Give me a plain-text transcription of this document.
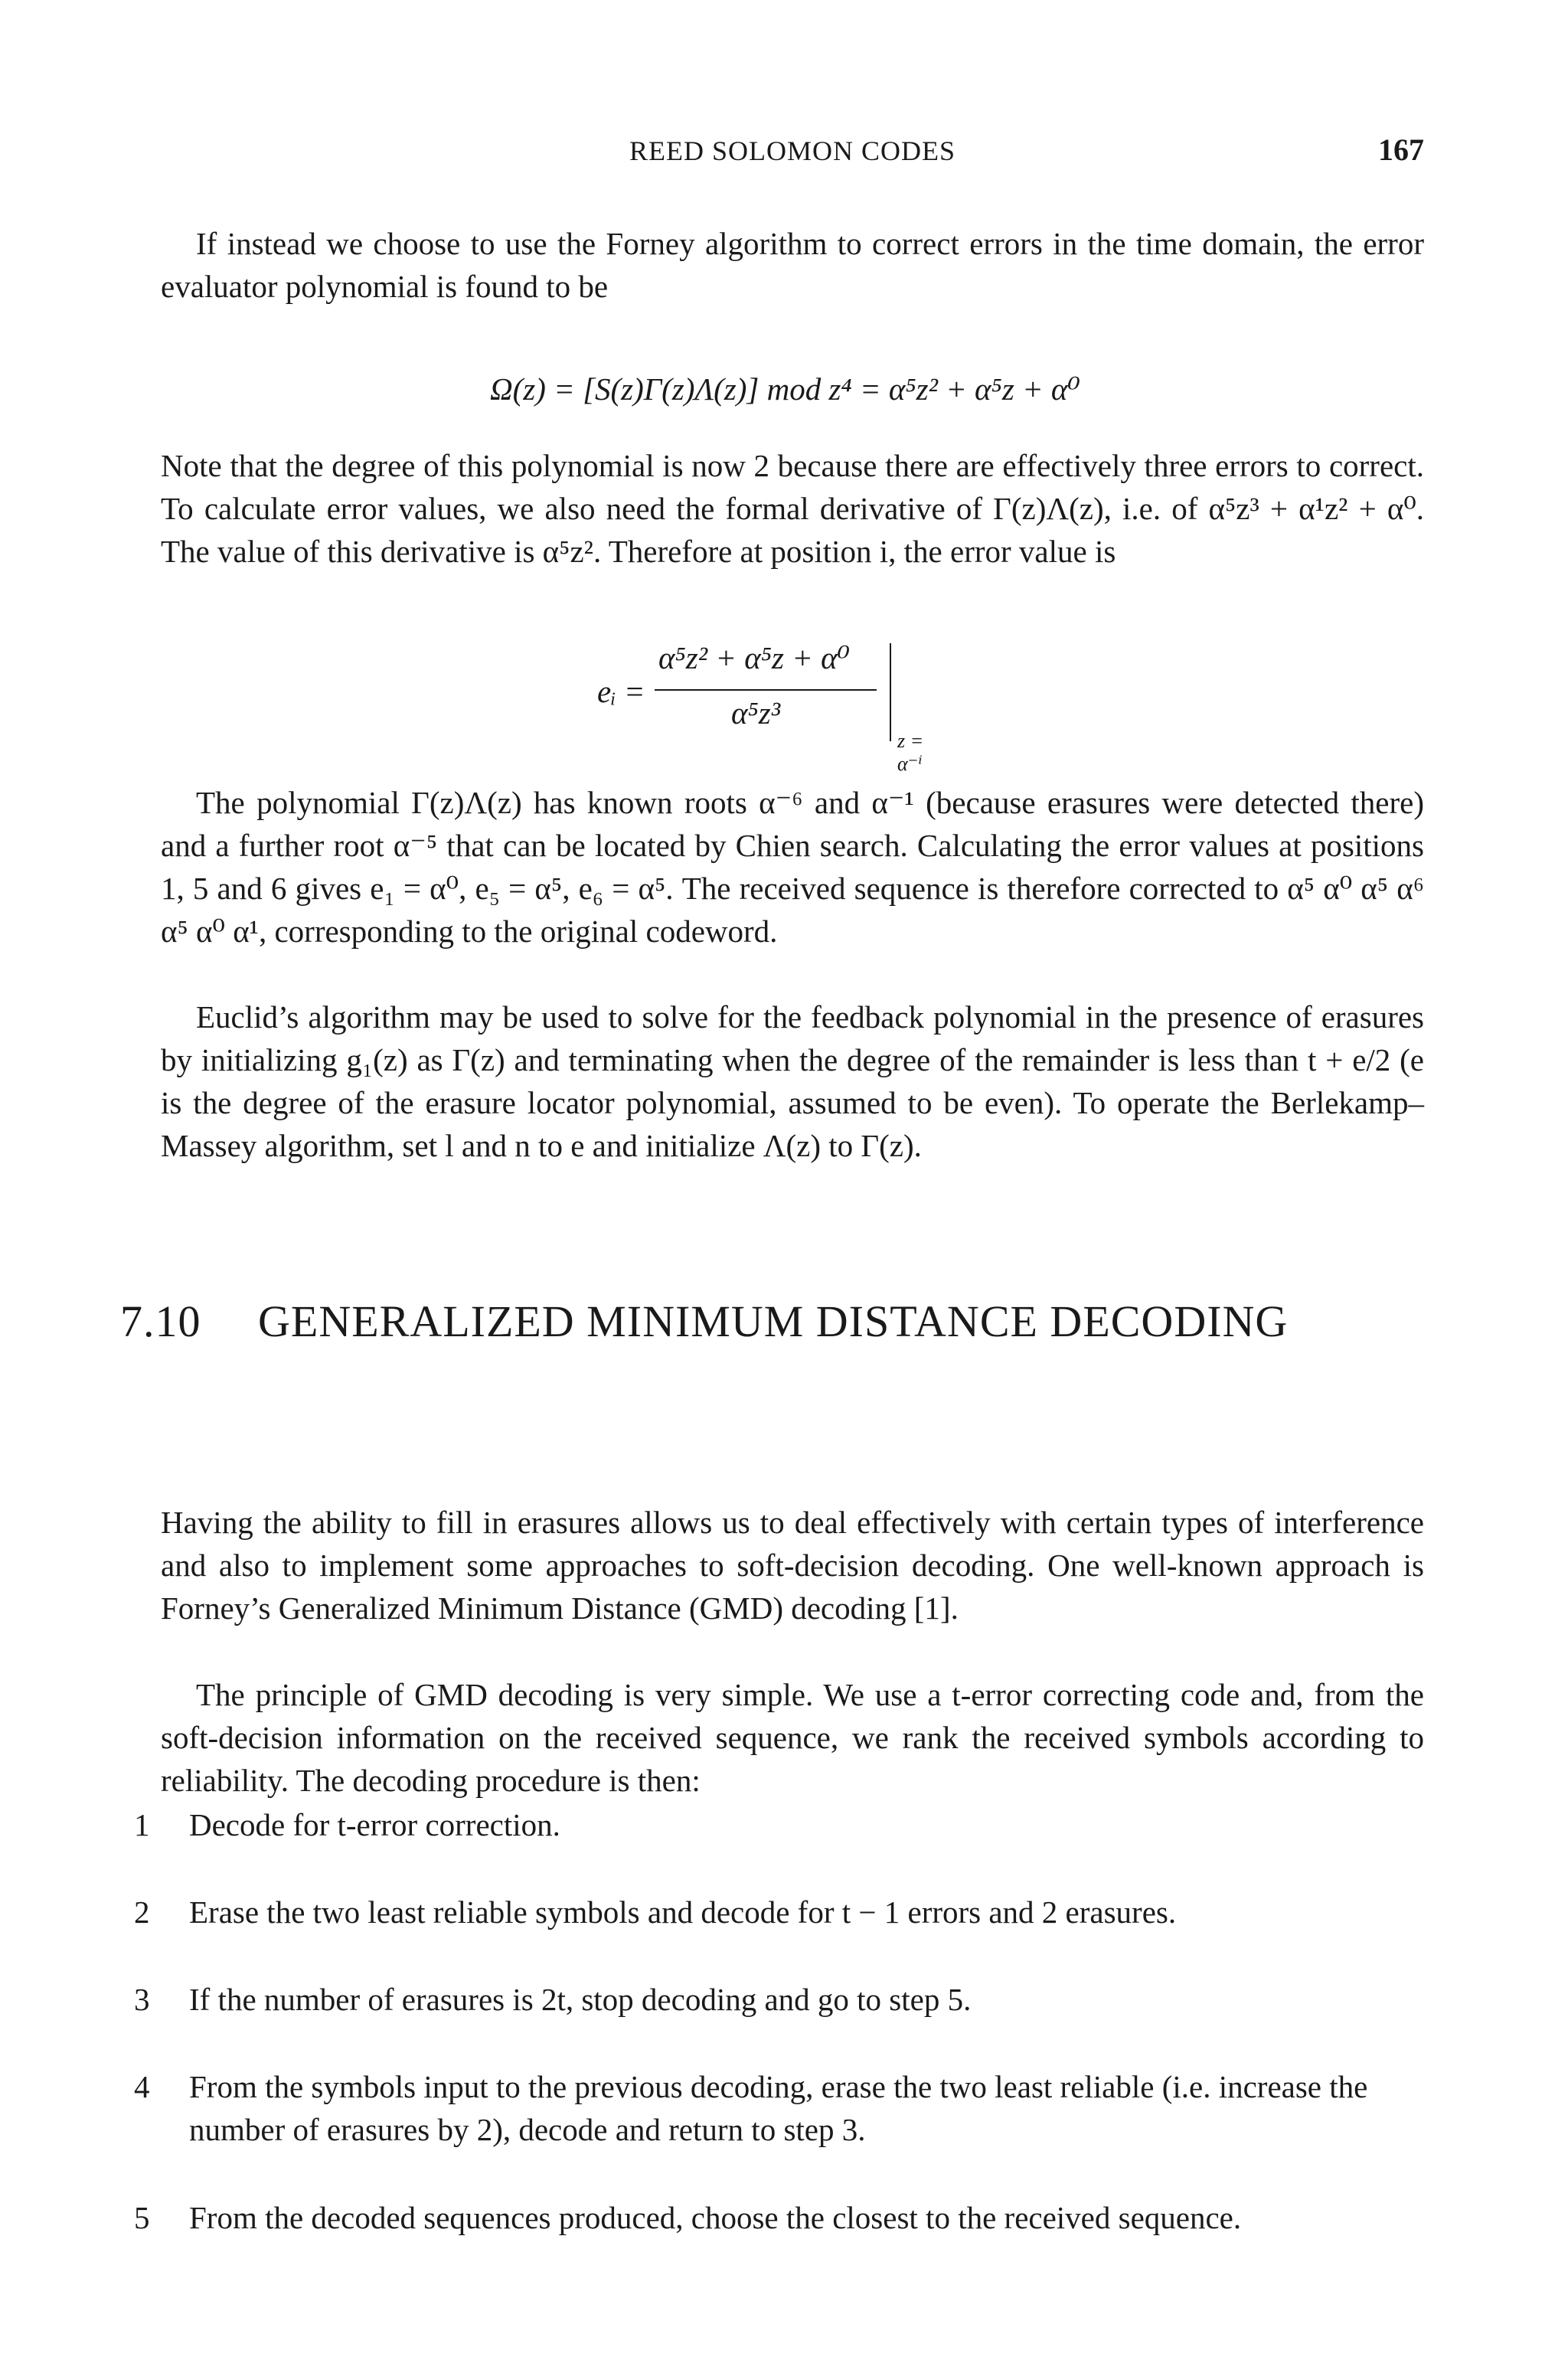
REED SOLOMON CODES	167

If instead we choose to use the Forney algorithm to correct errors in the time domain, the error evaluator polynomial is found to be

Ω(z) = [S(z)Γ(z)Λ(z)] mod z⁴ = α⁵z² + α⁵z + α⁰

Note that the degree of this polynomial is now 2 because there are effectively three errors to correct. To calculate error values, we also need the formal derivative of Γ(z)Λ(z), i.e. of α⁵z³ + α¹z² + α⁰. The value of this derivative is α⁵z². Therefore at position i, the error value is

eᵢ =
α⁵z² + α⁵z + α⁰
α⁵z³
z = α⁻ⁱ

The polynomial Γ(z)Λ(z) has known roots α⁻⁶ and α⁻¹ (because erasures were detected there) and a further root α⁻⁵ that can be located by Chien search. Calculating the error values at positions 1, 5 and 6 gives e₁ = α⁰, e₅ = α⁵, e₆ = α⁵. The received sequence is therefore corrected to α⁵ α⁰ α⁵ α⁶ α⁵ α⁰ α¹, corresponding to the original codeword.

Euclid’s algorithm may be used to solve for the feedback polynomial in the presence of erasures by initializing g₁(z) as Γ(z) and terminating when the degree of the remainder is less than t + e/2 (e is the degree of the erasure locator polynomial, assumed to be even). To operate the Berlekamp–Massey algorithm, set l and n to e and initialize Λ(z) to Γ(z).

7.10 GENERALIZED MINIMUM DISTANCE DECODING

Having the ability to fill in erasures allows us to deal effectively with certain types of interference and also to implement some approaches to soft-decision decoding. One well-known approach is Forney’s Generalized Minimum Distance (GMD) decoding [1].

The principle of GMD decoding is very simple. We use a t-error correcting code and, from the soft-decision information on the received sequence, we rank the received symbols according to reliability. The decoding procedure is then:

1 Decode for t-error correction.
2 Erase the two least reliable symbols and decode for t − 1 errors and 2 erasures.
3 If the number of erasures is 2t, stop decoding and go to step 5.
4 From the symbols input to the previous decoding, erase the two least reliable (i.e. increase the number of erasures by 2), decode and return to step 3.
5 From the decoded sequences produced, choose the closest to the received sequence.
